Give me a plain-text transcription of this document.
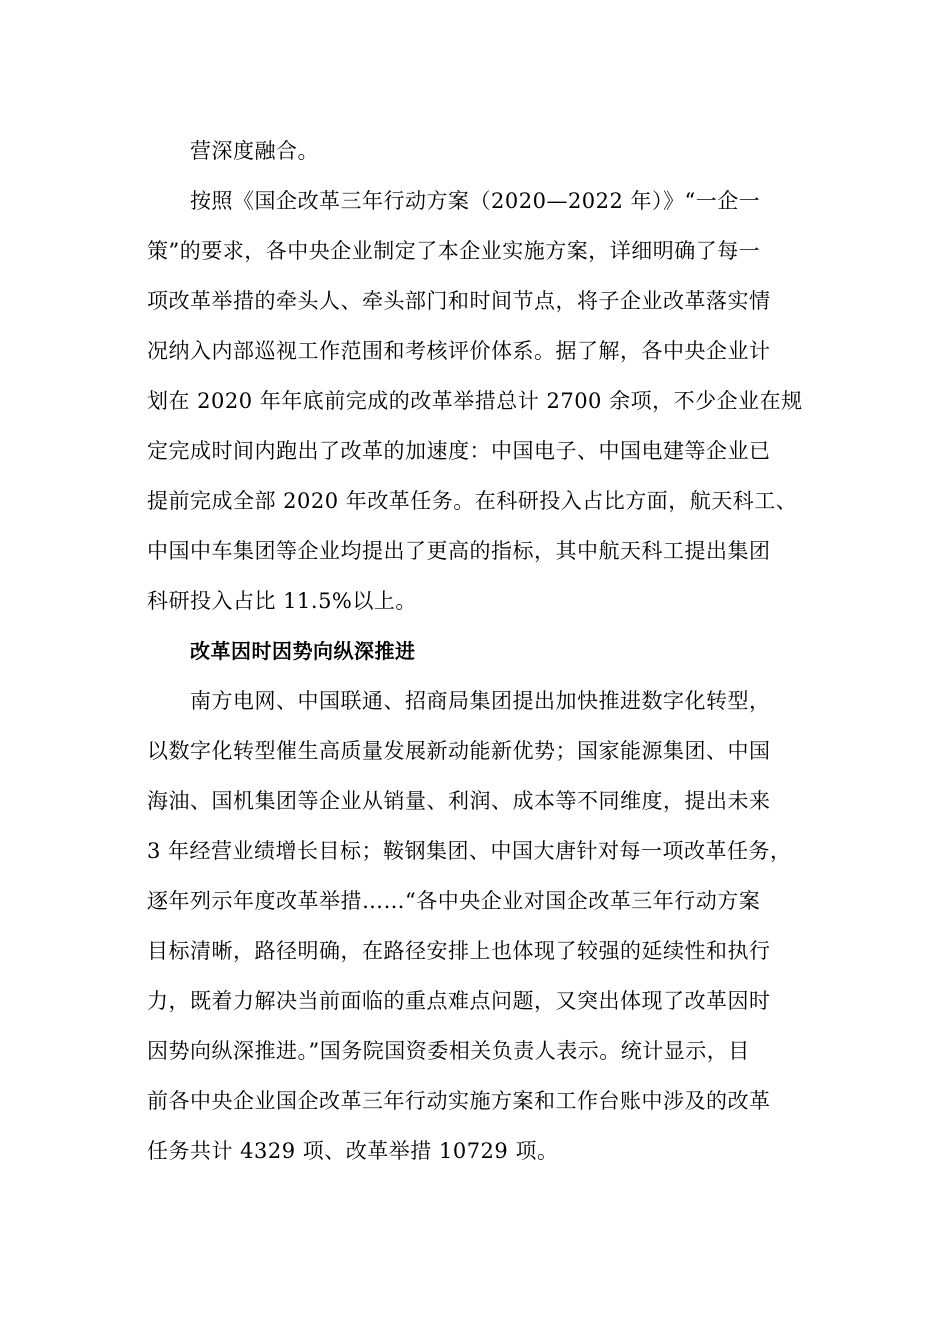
营深度融合。
按照《国企改革三年行动方案（2020—2022 年）》“一企一
策”的要求，各中央企业制定了本企业实施方案，详细明确了每一
项改革举措的牵头人、牵头部门和时间节点，将子企业改革落实情
况纳入内部巡视工作范围和考核评价体系。据了解，各中央企业计
划在 2020 年年底前完成的改革举措总计 2700 余项，不少企业在规
定完成时间内跑出了改革的加速度：中国电子、中国电建等企业已
提前完成全部 2020 年改革任务。在科研投入占比方面，航天科工、
中国中车集团等企业均提出了更高的指标，其中航天科工提出集团
科研投入占比 11.5%以上。
改革因时因势向纵深推进
南方电网、中国联通、招商局集团提出加快推进数字化转型，
以数字化转型催生高质量发展新动能新优势；国家能源集团、中国
海油、国机集团等企业从销量、利润、成本等不同维度，提出未来
3 年经营业绩增长目标；鞍钢集团、中国大唐针对每一项改革任务，
逐年列示年度改革举措……“各中央企业对国企改革三年行动方案
目标清晰，路径明确，在路径安排上也体现了较强的延续性和执行
力，既着力解决当前面临的重点难点问题，又突出体现了改革因时
因势向纵深推进。”国务院国资委相关负责人表示。统计显示，目
前各中央企业国企改革三年行动实施方案和工作台账中涉及的改革
任务共计 4329 项、改革举措 10729 项。
